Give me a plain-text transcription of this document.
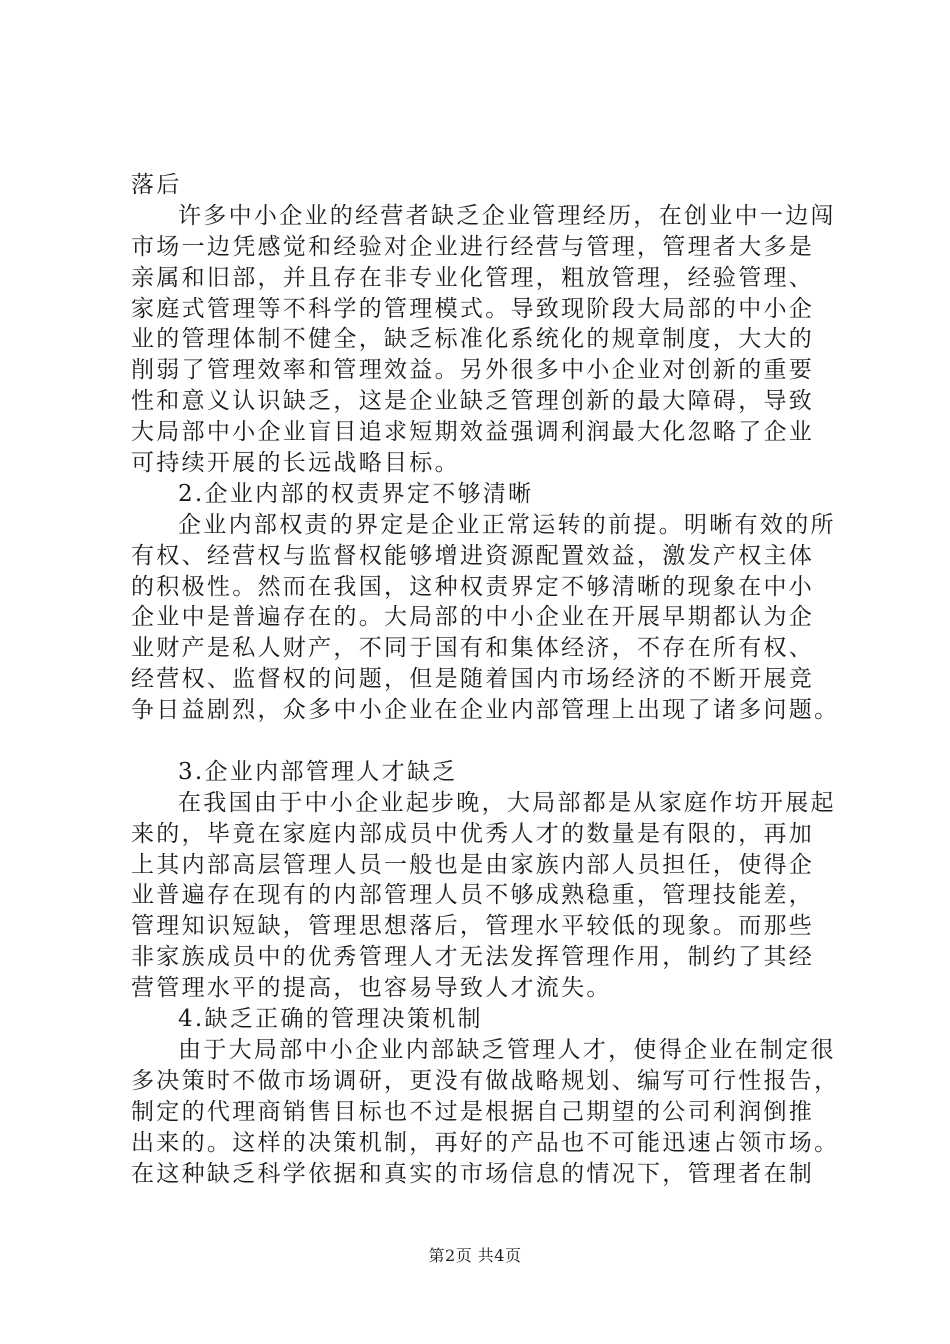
落后
许多中小企业的经营者缺乏企业管理经历，在创业中一边闯
市场一边凭感觉和经验对企业进行经营与管理，管理者大多是
亲属和旧部，并且存在非专业化管理，粗放管理，经验管理、
家庭式管理等不科学的管理模式。导致现阶段大局部的中小企
业的管理体制不健全，缺乏标准化系统化的规章制度，大大的
削弱了管理效率和管理效益。另外很多中小企业对创新的重要
性和意义认识缺乏，这是企业缺乏管理创新的最大障碍，导致
大局部中小企业盲目追求短期效益强调利润最大化忽略了企业
可持续开展的长远战略目标。
2.企业内部的权责界定不够清晰
企业内部权责的界定是企业正常运转的前提。明晰有效的所
有权、经营权与监督权能够增进资源配置效益，激发产权主体
的积极性。然而在我国，这种权责界定不够清晰的现象在中小
企业中是普遍存在的。大局部的中小企业在开展早期都认为企
业财产是私人财产，不同于国有和集体经济，不存在所有权、
经营权、监督权的问题，但是随着国内市场经济的不断开展竞
争日益剧烈，众多中小企业在企业内部管理上出现了诸多问题。
3.企业内部管理人才缺乏
在我国由于中小企业起步晚，大局部都是从家庭作坊开展起
来的，毕竟在家庭内部成员中优秀人才的数量是有限的，再加
上其内部高层管理人员一般也是由家族内部人员担任，使得企
业普遍存在现有的内部管理人员不够成熟稳重，管理技能差，
管理知识短缺，管理思想落后，管理水平较低的现象。而那些
非家族成员中的优秀管理人才无法发挥管理作用，制约了其经
营管理水平的提高，也容易导致人才流失。
4.缺乏正确的管理决策机制
由于大局部中小企业内部缺乏管理人才，使得企业在制定很
多决策时不做市场调研，更没有做战略规划、编写可行性报告，
制定的代理商销售目标也不过是根据自己期望的公司利润倒推
出来的。这样的决策机制，再好的产品也不可能迅速占领市场。
在这种缺乏科学依据和真实的市场信息的情况下，管理者在制
第2页 共4页
